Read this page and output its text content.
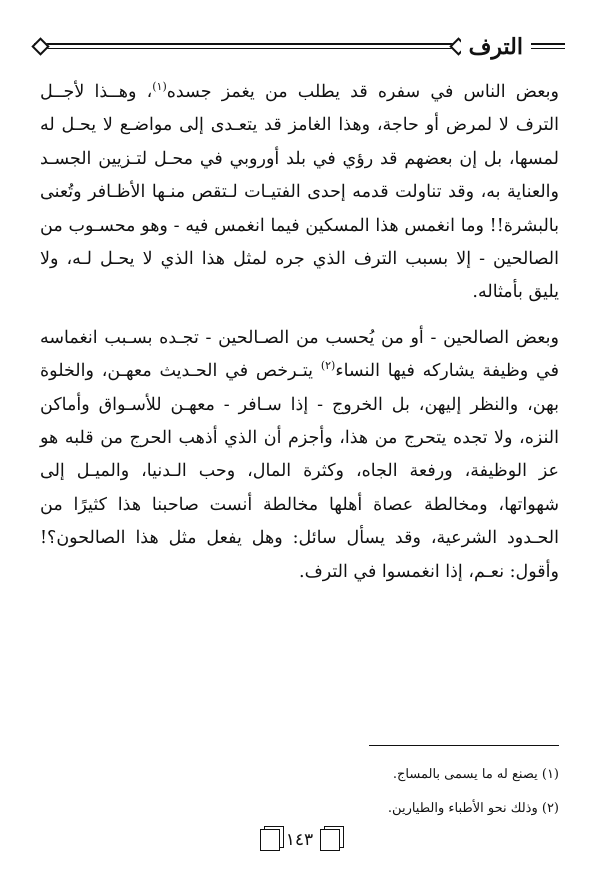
الترف

وبعض الناس في سفره قد يطلب من يغمز جسده$^{(١)}$، وهــذا لأجــل الترف لا لمرض أو حاجة، وهذا الغامز قد يتعـدى إلى مواضـع لا يحـل له لمسها، بل إن بعضهم قد رؤي في بلد أوروبي في محـل لتـزيين الجسـد والعناية به، وقد تناولت قدمه إحدى الفتيـات لـتقص منـها الأظـافر وتُعنى بالبشرة!! وما انغمس هذا المسكين فيما انغمس فيه - وهو محسـوب من الصالحين - إلا بسبب الترف الذي جره لمثل هذا الذي لا يحـل لـه، ولا يليق بأمثاله.

وبعض الصالحين - أو من يُحسب من الصـالحين - تجـده بسـبب انغماسه في وظيفة يشاركه فيها النساء$^{(٢)}$ يتـرخص في الحـديث معهـن، والخلوة بهن، والنظر إليهن، بل الخروج - إذا سـافر - معهـن للأسـواق وأماكن النزه، ولا تجده يتحرج من هذا، وأجزم أن الذي أذهب الحرج من قلبه هو عز الوظيفة، ورفعة الجاه، وكثرة المال، وحب الـدنيا، والميـل إلى شهواتها، ومخالطة عصاة أهلها مخالطة أنست صاحبنا هذا كثيرًا من الحـدود الشرعية، وقد يسأل سائل: وهل يفعل مثل هذا الصالحون؟! وأقول: نعـم، إذا انغمسوا في الترف.

(١) يصنع له ما يسمى بالمساج.
(٢) وذلك نحو الأطباء والطيارين.
١٤٣
